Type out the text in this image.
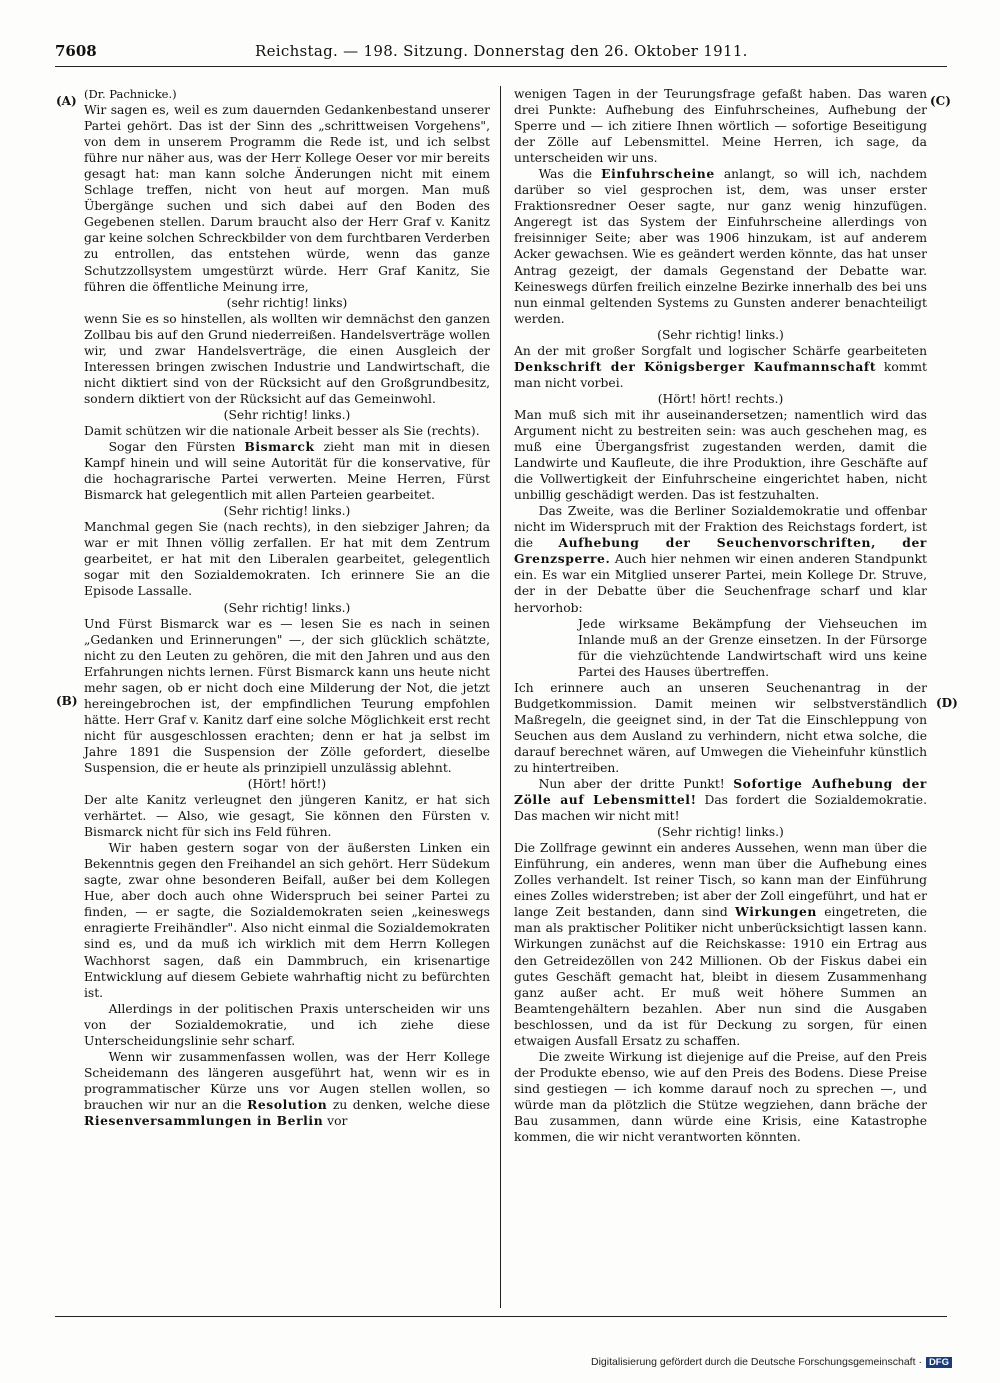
7608	Reichstag. — 198. Sitzung. Donnerstag den 26. Oktober 1911.
(A)
(B)
(C)
(D)

(Dr. Pachnicke.)

Wir sagen es, weil es zum dauernden Gedankenbestand unserer Partei gehört. Das ist der Sinn des „schrittweisen Vorgehens", von dem in unserem Programm die Rede ist, und ich selbst führe nur näher aus, was der Herr Kollege Oeser vor mir bereits gesagt hat: man kann solche Änderungen nicht mit einem Schlage treffen, nicht von heut auf morgen. Man muß Übergänge suchen und sich dabei auf den Boden des Gegebenen stellen. Darum braucht also der Herr Graf v. Kanitz gar keine solchen Schreckbilder von dem furchtbaren Verderben zu entrollen, das entstehen würde, wenn das ganze Schutzzollsystem umgestürzt würde. Herr Graf Kanitz, Sie führen die öffentliche Meinung irre,

(sehr richtig! links)

wenn Sie es so hinstellen, als wollten wir demnächst den ganzen Zollbau bis auf den Grund niederreißen. Handelsverträge wollen wir, und zwar Handelsverträge, die einen Ausgleich der Interessen bringen zwischen Industrie und Landwirtschaft, die nicht diktiert sind von der Rücksicht auf den Großgrundbesitz, sondern diktiert von der Rücksicht auf das Gemeinwohl.

(Sehr richtig! links.)

Damit schützen wir die nationale Arbeit besser als Sie (rechts).

Sogar den Fürsten Bismarck zieht man mit in diesen Kampf hinein und will seine Autorität für die konservative, für die hochagrarische Partei verwerten. Meine Herren, Fürst Bismarck hat gelegentlich mit allen Parteien gearbeitet.

(Sehr richtig! links.)

Manchmal gegen Sie (nach rechts), in den siebziger Jahren; da war er mit Ihnen völlig zerfallen. Er hat mit dem Zentrum gearbeitet, er hat mit den Liberalen gearbeitet, gelegentlich sogar mit den Sozialdemokraten. Ich erinnere Sie an die Episode Lassalle.

(Sehr richtig! links.)

Und Fürst Bismarck war es — lesen Sie es nach in seinen „Gedanken und Erinnerungen" —, der sich glücklich schätzte, nicht zu den Leuten zu gehören, die mit den Jahren und aus den Erfahrungen nichts lernen. Fürst Bismarck kann uns heute nicht mehr sagen, ob er nicht doch eine Milderung der Not, die jetzt hereingebrochen ist, der empfindlichen Teurung empfohlen hätte. Herr Graf v. Kanitz darf eine solche Möglichkeit erst recht nicht für ausgeschlossen erachten; denn er hat ja selbst im Jahre 1891 die Suspension der Zölle gefordert, dieselbe Suspension, die er heute als prinzipiell unzulässig ablehnt.

(Hört! hört!)

Der alte Kanitz verleugnet den jüngeren Kanitz, er hat sich verhärtet. — Also, wie gesagt, Sie können den Fürsten v. Bismarck nicht für sich ins Feld führen.

Wir haben gestern sogar von der äußersten Linken ein Bekenntnis gegen den Freihandel an sich gehört. Herr Südekum sagte, zwar ohne besonderen Beifall, außer bei dem Kollegen Hue, aber doch auch ohne Widerspruch bei seiner Partei zu finden, — er sagte, die Sozialdemokraten seien „keineswegs enragierte Freihändler". Also nicht einmal die Sozialdemokraten sind es, und da muß ich wirklich mit dem Herrn Kollegen Wachhorst sagen, daß ein Dammbruch, ein krisenartige Entwicklung auf diesem Gebiete wahrhaftig nicht zu befürchten ist.

Allerdings in der politischen Praxis unterscheiden wir uns von der Sozialdemokratie, und ich ziehe diese Unterscheidungslinie sehr scharf.

Wenn wir zusammenfassen wollen, was der Herr Kollege Scheidemann des längeren ausgeführt hat, wenn wir es in programmatischer Kürze uns vor Augen stellen wollen, so brauchen wir nur an die Resolution zu denken, welche diese Riesenversammlungen in Berlin vor

wenigen Tagen in der Teurungsfrage gefaßt haben. Das waren drei Punkte: Aufhebung des Einfuhrscheines, Aufhebung der Sperre und — ich zitiere Ihnen wörtlich — sofortige Beseitigung der Zölle auf Lebensmittel. Meine Herren, ich sage, da unterscheiden wir uns.

Was die Einfuhrscheine anlangt, so will ich, nachdem darüber so viel gesprochen ist, dem, was unser erster Fraktionsredner Oeser sagte, nur ganz wenig hinzufügen. Angeregt ist das System der Einfuhrscheine allerdings von freisinniger Seite; aber was 1906 hinzukam, ist auf anderem Acker gewachsen. Wie es geändert werden könnte, das hat unser Antrag gezeigt, der damals Gegenstand der Debatte war. Keineswegs dürfen freilich einzelne Bezirke innerhalb des bei uns nun einmal geltenden Systems zu Gunsten anderer benachteiligt werden.

(Sehr richtig! links.)

An der mit großer Sorgfalt und logischer Schärfe gearbeiteten Denkschrift der Königsberger Kaufmannschaft kommt man nicht vorbei.

(Hört! hört! rechts.)

Man muß sich mit ihr auseinandersetzen; namentlich wird das Argument nicht zu bestreiten sein: was auch geschehen mag, es muß eine Übergangsfrist zugestanden werden, damit die Landwirte und Kaufleute, die ihre Produktion, ihre Geschäfte auf die Vollwertigkeit der Einfuhrscheine eingerichtet haben, nicht unbillig geschädigt werden. Das ist festzuhalten.

Das Zweite, was die Berliner Sozialdemokratie und offenbar nicht im Widerspruch mit der Fraktion des Reichstags fordert, ist die Aufhebung der Seuchenvorschriften, der Grenzsperre. Auch hier nehmen wir einen anderen Standpunkt ein. Es war ein Mitglied unserer Partei, mein Kollege Dr. Struve, der in der Debatte über die Seuchenfrage scharf und klar hervorhob:

Jede wirksame Bekämpfung der Viehseuchen im Inlande muß an der Grenze einsetzen. In der Fürsorge für die viehzüchtende Landwirtschaft wird uns keine Partei des Hauses übertreffen.

Ich erinnere auch an unseren Seuchenantrag in der Budgetkommission. Damit meinen wir selbstverständlich Maßregeln, die geeignet sind, in der Tat die Einschleppung von Seuchen aus dem Ausland zu verhindern, nicht etwa solche, die darauf berechnet wären, auf Umwegen die Vieheinfuhr künstlich zu hintertreiben.

Nun aber der dritte Punkt! Sofortige Aufhebung der Zölle auf Lebensmittel! Das fordert die Sozialdemokratie. Das machen wir nicht mit!

(Sehr richtig! links.)

Die Zollfrage gewinnt ein anderes Aussehen, wenn man über die Einführung, ein anderes, wenn man über die Aufhebung eines Zolles verhandelt. Ist reiner Tisch, so kann man der Einführung eines Zolles widerstreben; ist aber der Zoll eingeführt, und hat er lange Zeit bestanden, dann sind Wirkungen eingetreten, die man als praktischer Politiker nicht unberücksichtigt lassen kann. Wirkungen zunächst auf die Reichskasse: 1910 ein Ertrag aus den Getreidezöllen von 242 Millionen. Ob der Fiskus dabei ein gutes Geschäft gemacht hat, bleibt in diesem Zusammenhang ganz außer acht. Er muß weit höhere Summen an Beamtengehältern bezahlen. Aber nun sind die Ausgaben beschlossen, und da ist für Deckung zu sorgen, für einen etwaigen Ausfall Ersatz zu schaffen.

Die zweite Wirkung ist diejenige auf die Preise, auf den Preis der Produkte ebenso, wie auf den Preis des Bodens. Diese Preise sind gestiegen — ich komme darauf noch zu sprechen —, und würde man da plötzlich die Stütze wegziehen, dann bräche der Bau zusammen, dann würde eine Krisis, eine Katastrophe kommen, die wir nicht verantworten könnten.

Digitalisierung gefördert durch die Deutsche Forschungsgemeinschaft · DFG
